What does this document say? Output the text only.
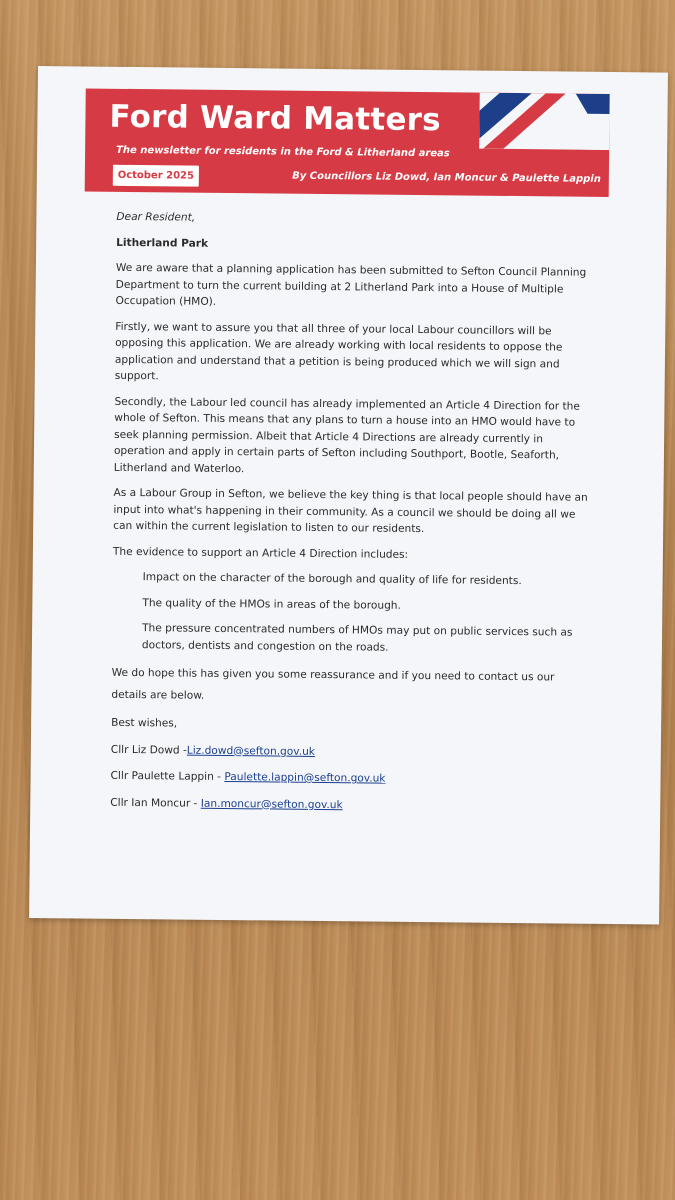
Ford Ward Matters
The newsletter for residents in the Ford & Litherland areas
October 2025	By Councillors Liz Dowd, Ian Moncur & Paulette Lappin

Dear Resident,

Litherland Park

We are aware that a planning application has been submitted to Sefton Council Planning Department to turn the current building at 2 Litherland Park into a House of Multiple Occupation (HMO).

Firstly, we want to assure you that all three of your local Labour councillors will be opposing this application. We are already working with local residents to oppose the application and understand that a petition is being produced which we will sign and support.

Secondly, the Labour led council has already implemented an Article 4 Direction for the whole of Sefton. This means that any plans to turn a house into an HMO would have to seek planning permission. Albeit that Article 4 Directions are already currently in operation and apply in certain parts of Sefton including Southport, Bootle, Seaforth, Litherland and Waterloo.

As a Labour Group in Sefton, we believe the key thing is that local people should have an input into what's happening in their community. As a council we should be doing all we can within the current legislation to listen to our residents.

The evidence to support an Article 4 Direction includes:

Impact on the character of the borough and quality of life for residents.

The quality of the HMOs in areas of the borough.

The pressure concentrated numbers of HMOs may put on public services such as doctors, dentists and congestion on the roads.

We do hope this has given you some reassurance and if you need to contact us our details are below.

Best wishes,

Cllr Liz Dowd -Liz.dowd@sefton.gov.uk

Cllr Paulette Lappin - Paulette.lappin@sefton.gov.uk

Cllr Ian Moncur - Ian.moncur@sefton.gov.uk
